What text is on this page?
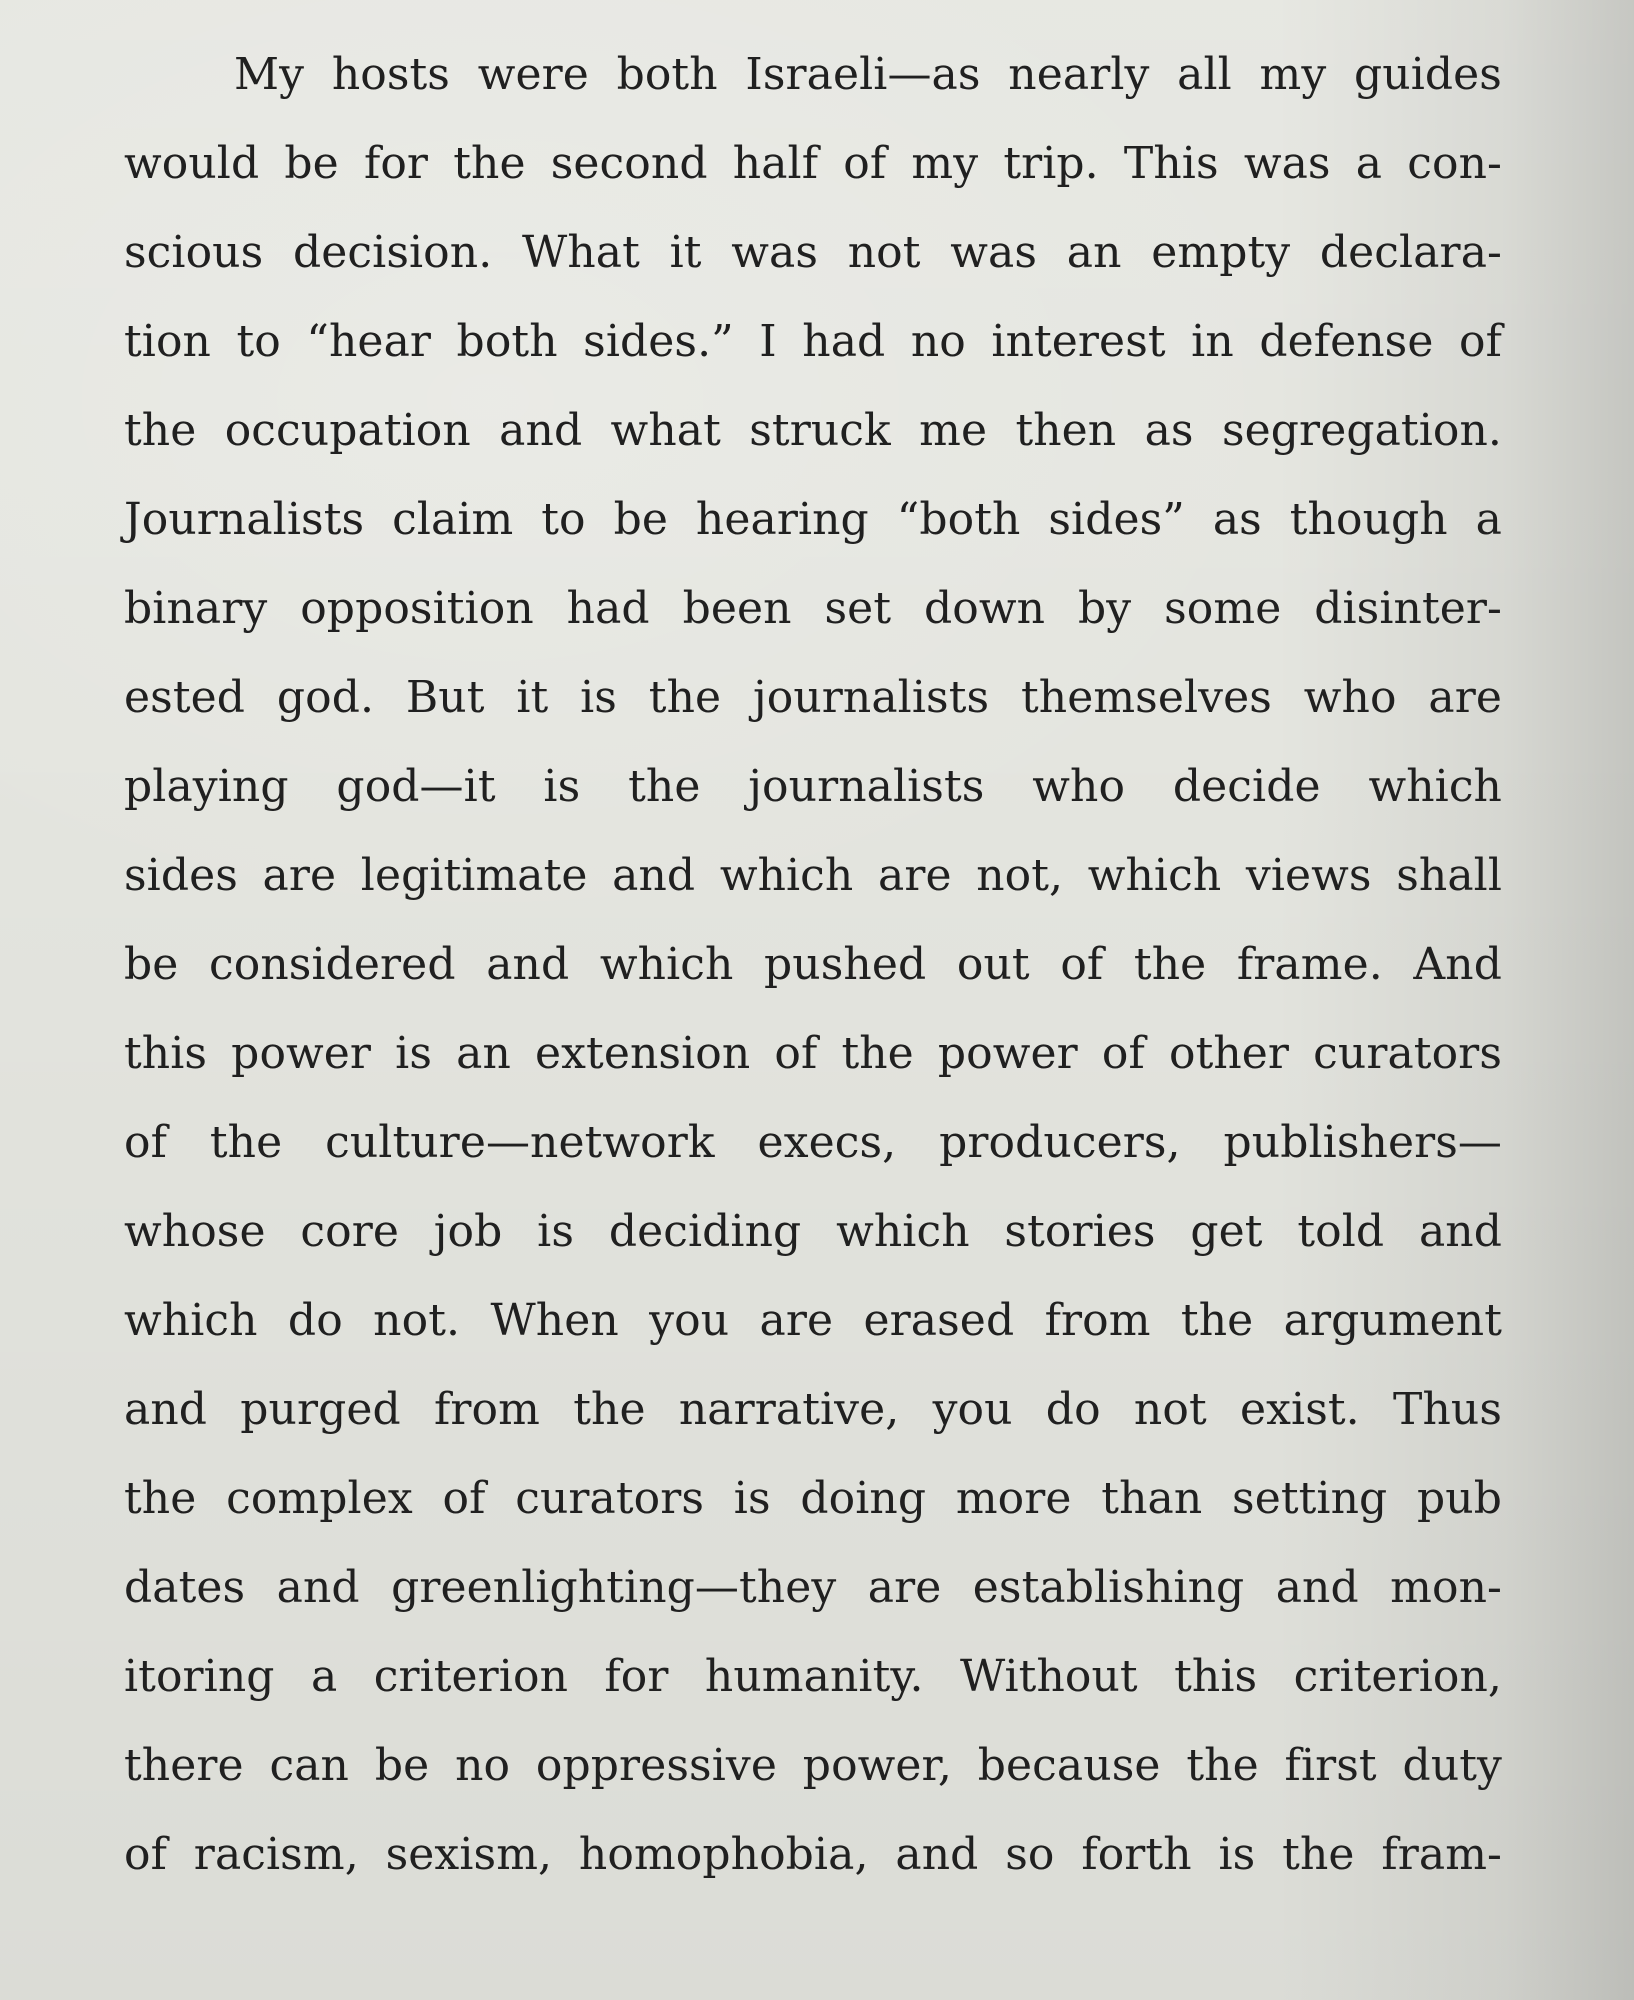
My hosts were both Israeli—as nearly all my guides
would be for the second half of my trip. This was a con-
scious decision. What it was not was an empty declara-
tion to “hear both sides.” I had no interest in defense of
the occupation and what struck me then as segregation.
Journalists claim to be hearing “both sides” as though a
binary opposition had been set down by some disinter-
ested god. But it is the journalists themselves who are
playing god—it is the journalists who decide which
sides are legitimate and which are not, which views shall
be considered and which pushed out of the frame. And
this power is an extension of the power of other curators
of the culture—network execs, producers, publishers—
whose core job is deciding which stories get told and
which do not. When you are erased from the argument
and purged from the narrative, you do not exist. Thus
the complex of curators is doing more than setting pub
dates and greenlighting—they are establishing and mon-
itoring a criterion for humanity. Without this criterion,
there can be no oppressive power, because the first duty
of racism, sexism, homophobia, and so forth is the fram-
